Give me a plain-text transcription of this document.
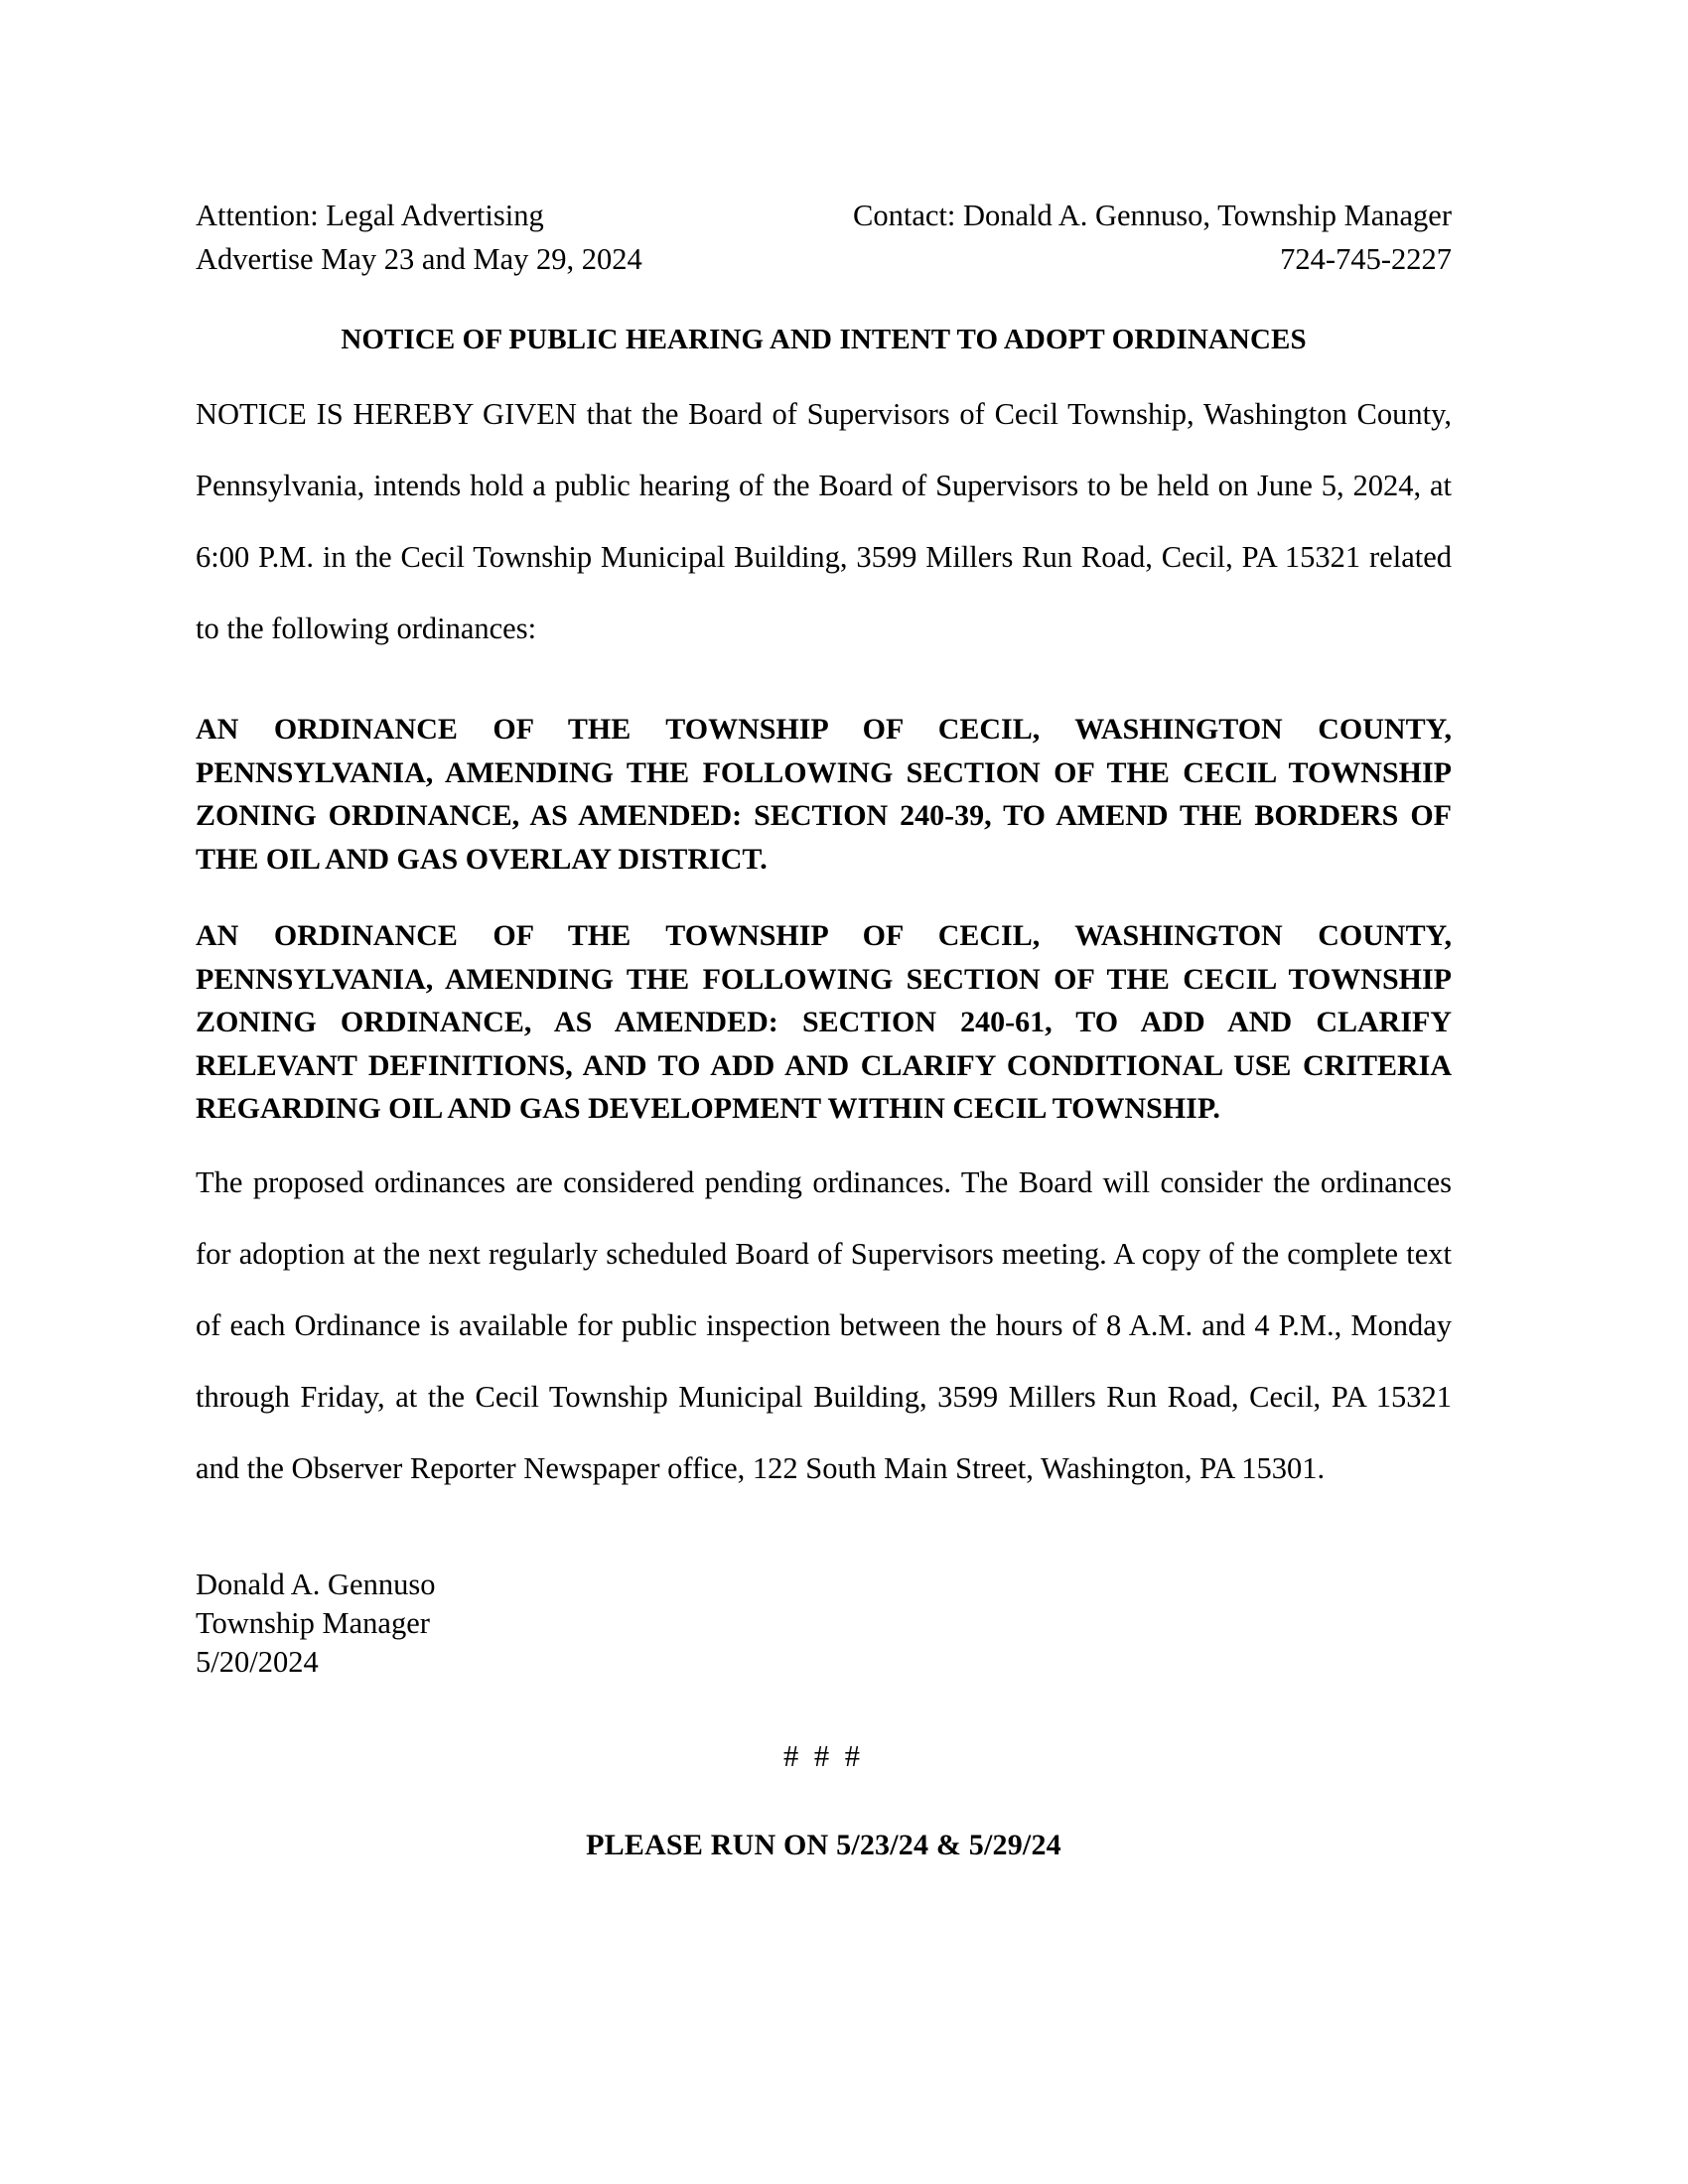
Attention: Legal Advertising	Contact: Donald A. Gennuso, Township Manager
Advertise May 23 and May 29, 2024	724-745-2227
NOTICE OF PUBLIC HEARING AND INTENT TO ADOPT ORDINANCES

NOTICE IS HEREBY GIVEN that the Board of Supervisors of Cecil Township, Washington County, Pennsylvania, intends hold a public hearing of the Board of Supervisors to be held on June 5, 2024, at 6:00 P.M. in the Cecil Township Municipal Building, 3599 Millers Run Road, Cecil, PA 15321 related to the following ordinances:

AN ORDINANCE OF THE TOWNSHIP OF CECIL, WASHINGTON COUNTY, PENNSYLVANIA, AMENDING THE FOLLOWING SECTION OF THE CECIL TOWNSHIP ZONING ORDINANCE, AS AMENDED: SECTION 240-39, TO AMEND THE BORDERS OF THE OIL AND GAS OVERLAY DISTRICT.

AN ORDINANCE OF THE TOWNSHIP OF CECIL, WASHINGTON COUNTY, PENNSYLVANIA, AMENDING THE FOLLOWING SECTION OF THE CECIL TOWNSHIP ZONING ORDINANCE, AS AMENDED: SECTION 240-61, TO ADD AND CLARIFY RELEVANT DEFINITIONS, AND TO ADD AND CLARIFY CONDITIONAL USE CRITERIA REGARDING OIL AND GAS DEVELOPMENT WITHIN CECIL TOWNSHIP.

The proposed ordinances are considered pending ordinances. The Board will consider the ordinances for adoption at the next regularly scheduled Board of Supervisors meeting. A copy of the complete text of each Ordinance is available for public inspection between the hours of 8 A.M. and 4 P.M., Monday through Friday, at the Cecil Township Municipal Building, 3599 Millers Run Road, Cecil, PA 15321 and the Observer Reporter Newspaper office, 122 South Main Street, Washington, PA 15301.

Donald A. Gennuso
Township Manager
5/20/2024
# # #
PLEASE RUN ON 5/23/24 & 5/29/24
